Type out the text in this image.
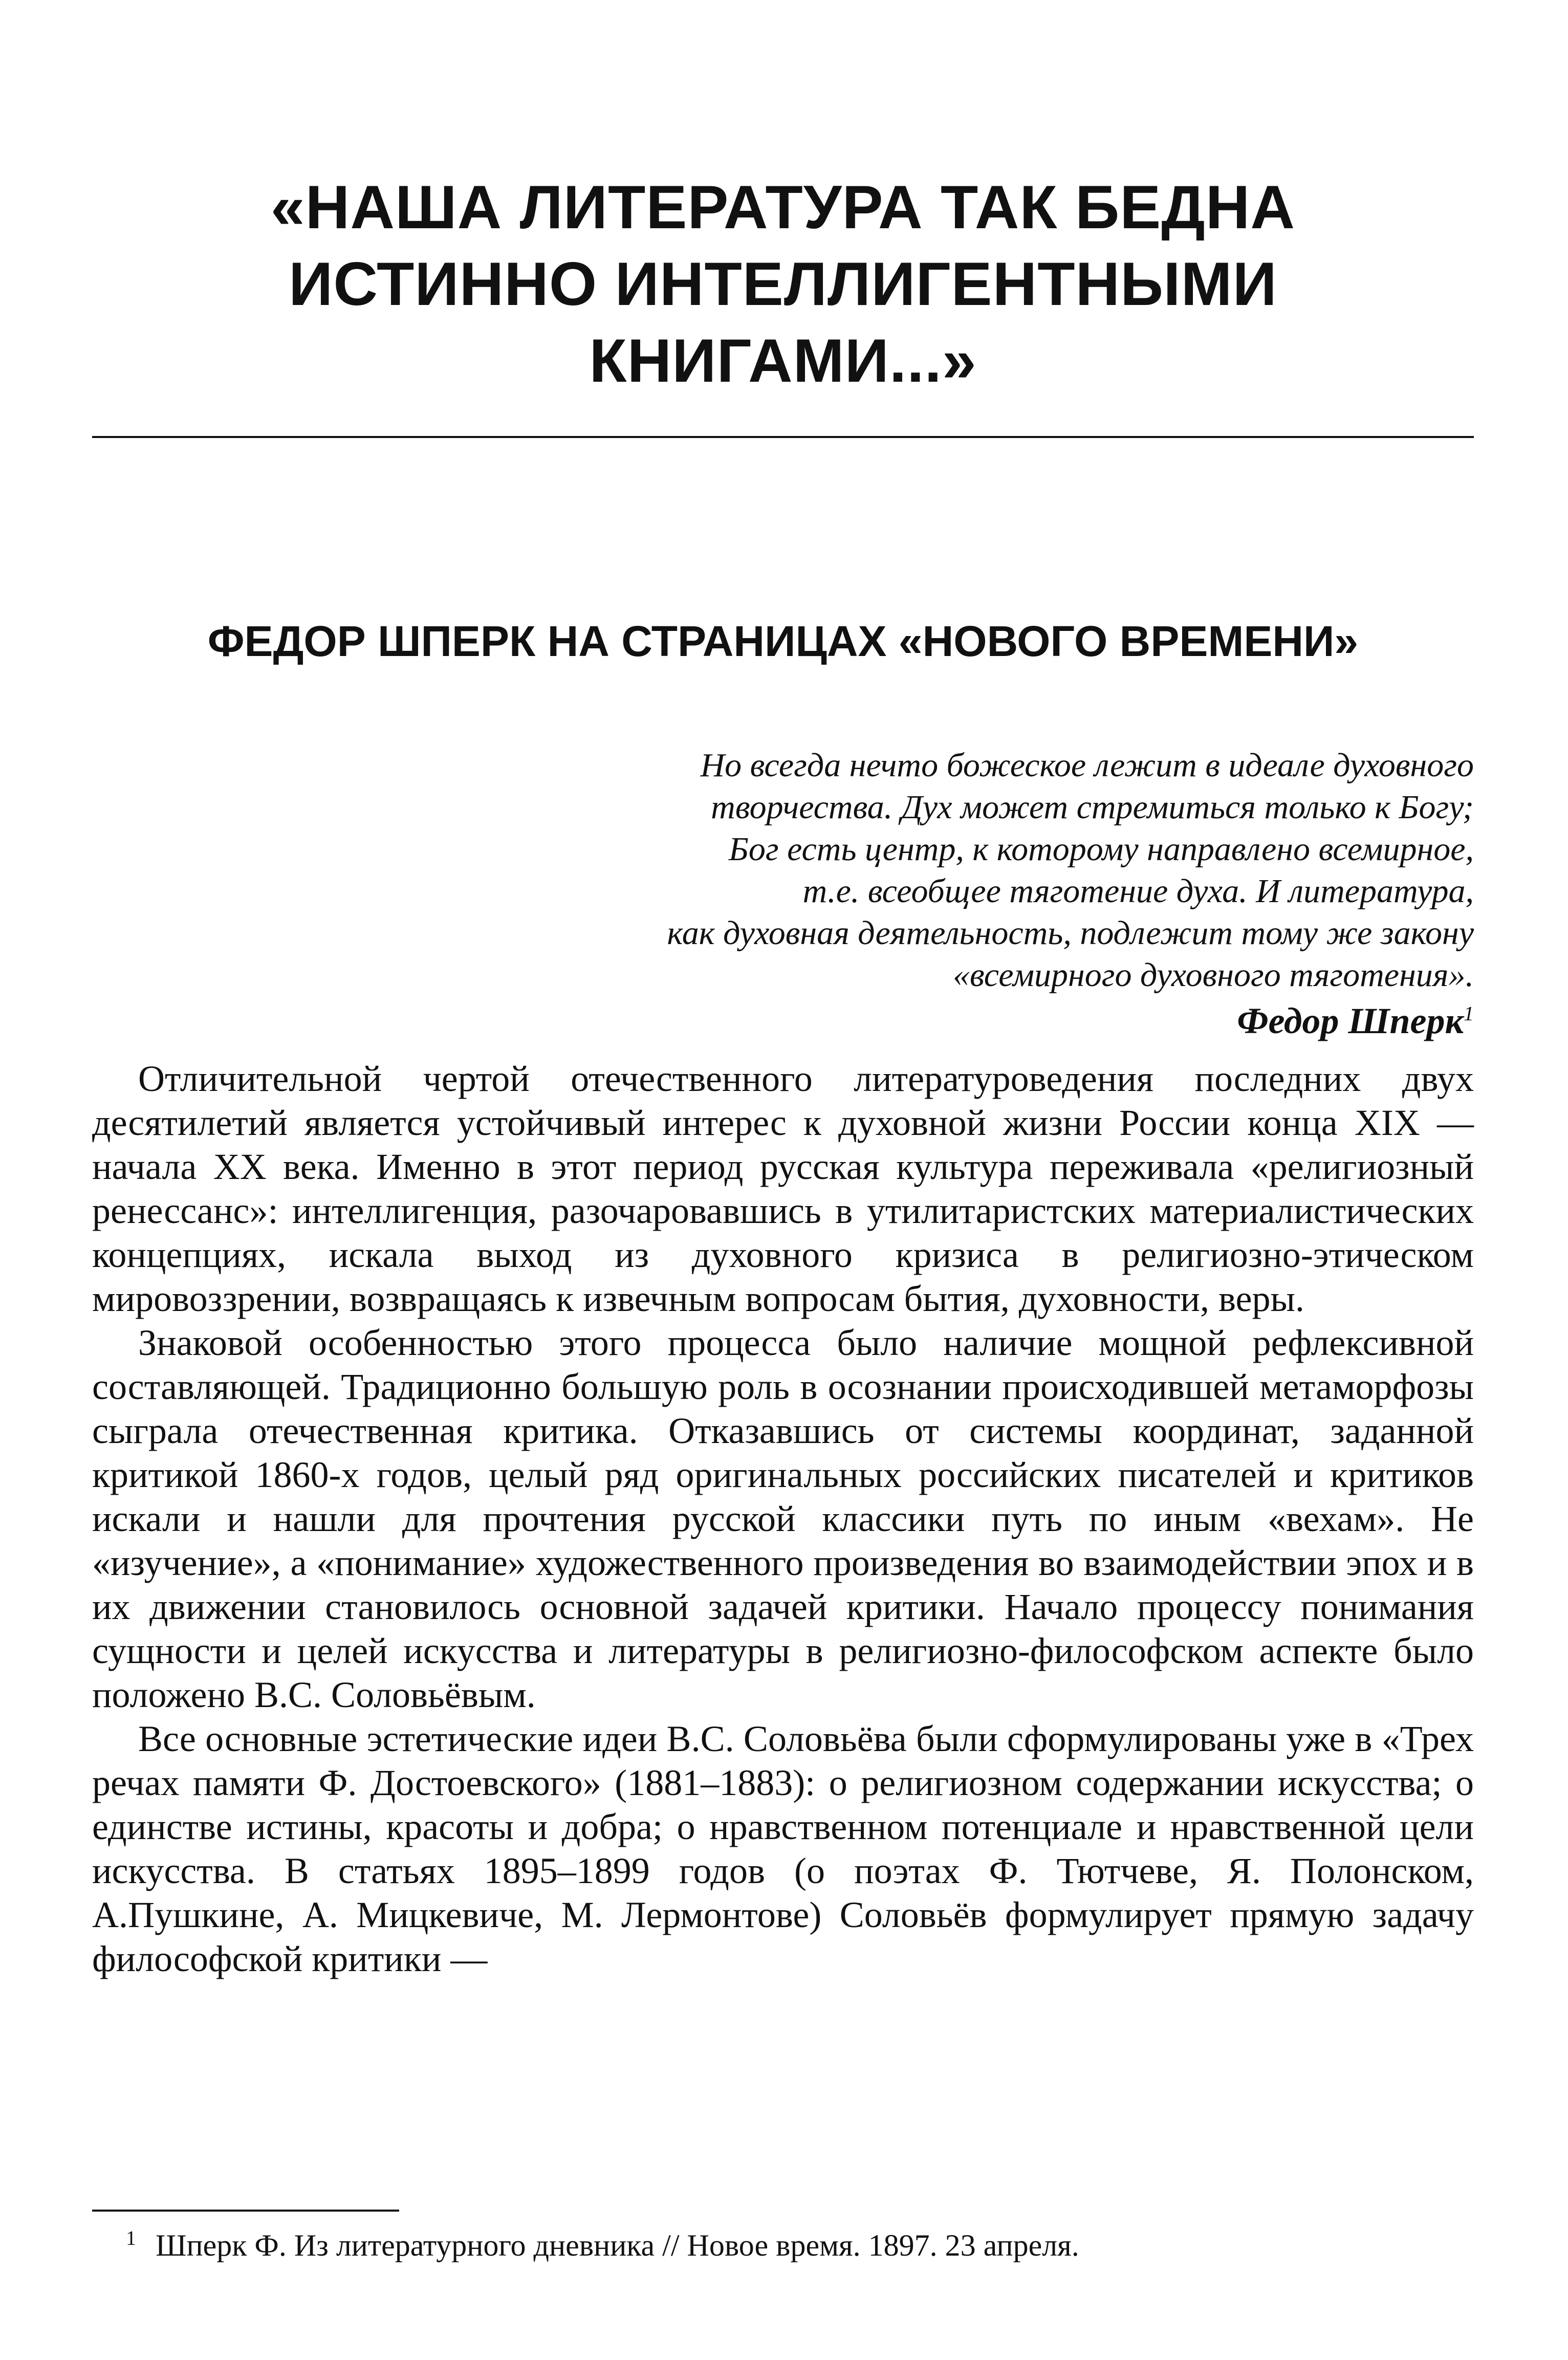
«НАША ЛИТЕРАТУРА ТАК БЕДНА
ИСТИННО ИНТЕЛЛИГЕНТНЫМИ
КНИГАМИ...»
ФЕДОР ШПЕРК НА СТРАНИЦАХ «НОВОГО ВРЕМЕНИ»

Но всегда нечто божеское лежит в идеале духовного

творчества. Дух может стремиться только к Богу;

Бог есть центр, к которому направлено всемирное,

т.е. всеобщее тяготение духа. И литература,

как духовная деятельность, подлежит тому же закону

«всемирного духовного тяготения».

Федор Шперк$^1$

Отличительной чертой отечественного литературоведения последних двух десятилетий является устойчивый интерес к духовной жизни России конца XIX — начала XX века. Именно в этот период русская культура переживала «религиозный ренессанс»: интеллигенция, разочаровавшись в утилитаристских материалистических концепциях, искала выход из духовного кризиса в религиозно-этическом мировоззрении, возвращаясь к извечным вопросам бытия, духовности, веры.

Знаковой особенностью этого процесса было наличие мощной рефлексивной составляющей. Традиционно большую роль в осознании происходившей метаморфозы сыграла отечественная критика. Отказавшись от системы координат, заданной критикой 1860-х годов, целый ряд оригинальных российских писателей и критиков искали и нашли для прочтения русской классики путь по иным «вехам». Не «изучение», а «понимание» художественного произведения во взаимодействии эпох и в их движении становилось основной задачей критики. Начало процессу понимания сущности и целей искусства и литературы в религиозно-философском аспекте было положено В.С. Соловьёвым.

Все основные эстетические идеи В.С. Соловьёва были сформулированы уже в «Трех речах памяти Ф. Достоевского» (1881–1883): о религиозном содержании искусства; о единстве истины, красоты и добра; о нравственном потенциале и нравственной цели искусства. В статьях 1895–1899 годов (о поэтах Ф. Тютчеве, Я. Полонском, А.Пушкине, А. Мицкевиче, М. Лермонтове) Соловьёв формулирует прямую задачу философской критики —

$^1$ Шперк Ф. Из литературного дневника // Новое время. 1897. 23 апреля.
